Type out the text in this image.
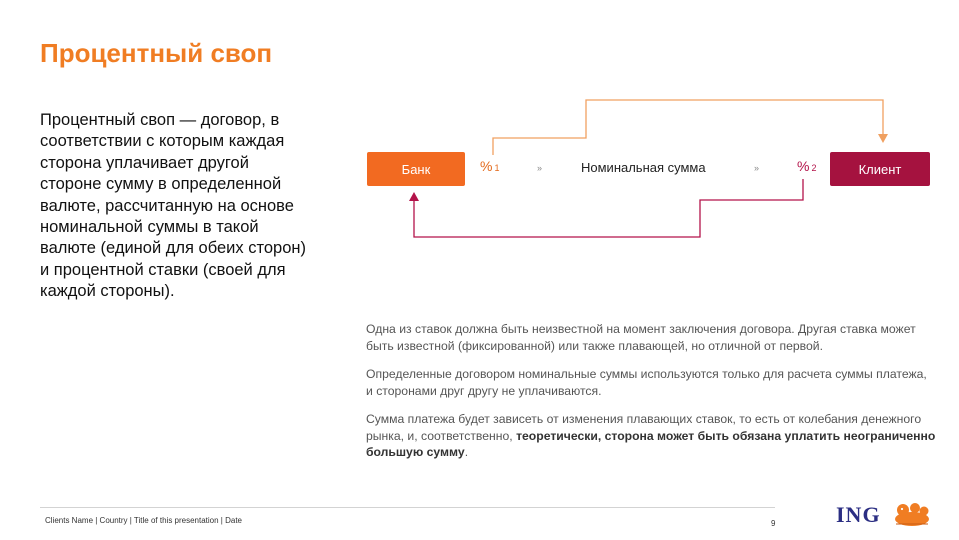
Процентный своп
Процентный своп — договор, в соответствии с которым каждая сторона уплачивает другой стороне сумму в определенной валюте, рассчитанную на основе номинальной суммы в такой валюте (единой для обеих сторон) и процентной ставки (своей для каждой стороны).
Банк	Клиент
% 1	»	Номинальная сумма	»	% 2

Одна из ставок должна быть неизвестной на момент заключения договора. Другая ставка может быть известной (фиксированной) или также плавающей, но отличной от первой.

Определенные договором номинальные суммы используются только для расчета суммы платежа, и сторонами друг другу не уплачиваются.

Сумма платежа будет зависеть от изменения плавающих ставок, то есть от колебания денежного рынка, и, соответственно, теоретически, сторона может быть обязана уплатить неограниченно большую сумму.

Clients Name | Country | Title of this presentation | Date	9	ING
